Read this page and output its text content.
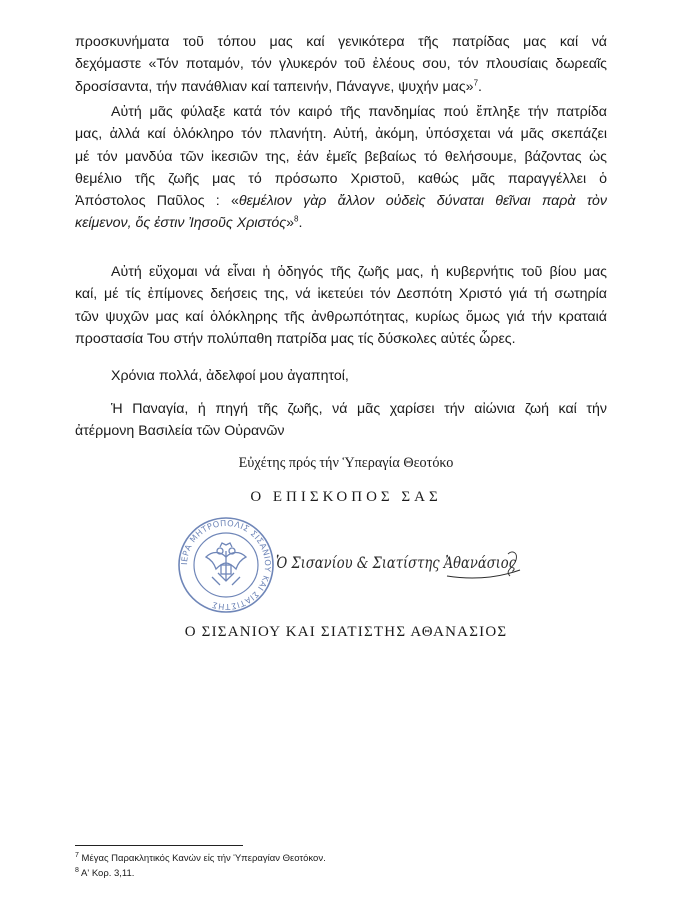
προσκυνήματα τοῦ τόπου μας καί γενικότερα τῆς πατρίδας μας καί νά
δεχόμαστε «Τόν ποταμόν, τόν γλυκερόν τοῦ ἐλέους σου, τόν πλουσίαις δωρεαῖς
δροσίσαντα, τήν πανάθλιαν καί ταπεινήν, Πάναγνε, ψυχήν μας»$^7$.
Αὐτή μᾶς φύλαξε κατά τόν καιρό τῆς πανδημίας πού ἔπληξε τήν πατρίδα
μας, ἀλλά καί ὁλόκληρο τόν πλανήτη. Αὐτή, ἀκόμη, ὑπόσχεται νά μᾶς σκεπάζει
μέ τόν μανδύα τῶν ἱκεσιῶν της, ἐάν ἐμεῖς βεβαίως τό θελήσουμε, βάζοντας ὡς
θεμέλιο τῆς ζωῆς μας τό πρόσωπο Χριστοῦ, καθώς μᾶς παραγγέλλει ὁ
Ἀπόστολος Παῦλος : «θεμέλιον γὰρ ἄλλον οὐδεὶς δύναται θεῖναι παρὰ τὸν
κείμενον, ὅς ἐστιν Ἰησοῦς Χριστός»$^8$.
Αὐτή εὔχομαι νά εἶναι ἡ ὁδηγός τῆς ζωῆς μας, ἡ κυβερνήτις τοῦ βίου μας
καί, μέ τίς ἐπίμονες δεήσεις της, νά ἱκετεύει τόν Δεσπότη Χριστό γιά τή σωτηρία
τῶν ψυχῶν μας καί ὁλόκληρης τῆς ἀνθρωπότητας, κυρίως ὅμως γιά τήν κραταιά
προστασία Του στήν πολύπαθη πατρίδα μας τίς δύσκολες αὐτές ὧρες.
Χρόνια πολλά, ἀδελφοί μου ἀγαπητοί,
Ἡ Παναγία, ἡ πηγή τῆς ζωῆς, νά μᾶς χαρίσει τήν αἰώνια ζωή καί τήν
ἀτέρμονη Βασιλεία τῶν Οὐρανῶν
Εὐχέτης πρός τήν Ὑπεραγία Θεοτόκο
Ο ΕΠΙΣΚΟΠΟΣ ΣΑΣ
ΙΕΡΑ ΜΗΤΡΟΠΟΛΙΣ ΣΙΣΑΝΙΟΥ ΚΑΙ ΣΙΑΤΙΣΤΗΣ
Ὁ Σισανίου & Σιατίστης Ἀθανάσιος
Ο ΣΙΣΑΝΙΟΥ ΚΑΙ ΣΙΑΤΙΣΤΗΣ ΑΘΑΝΑΣΙΟΣ
$^7$ Μέγας Παρακλητικός Κανών εἰς τήν Ὑπεραγίαν Θεοτόκον.
$^8$ Α' Κορ. 3,11.
